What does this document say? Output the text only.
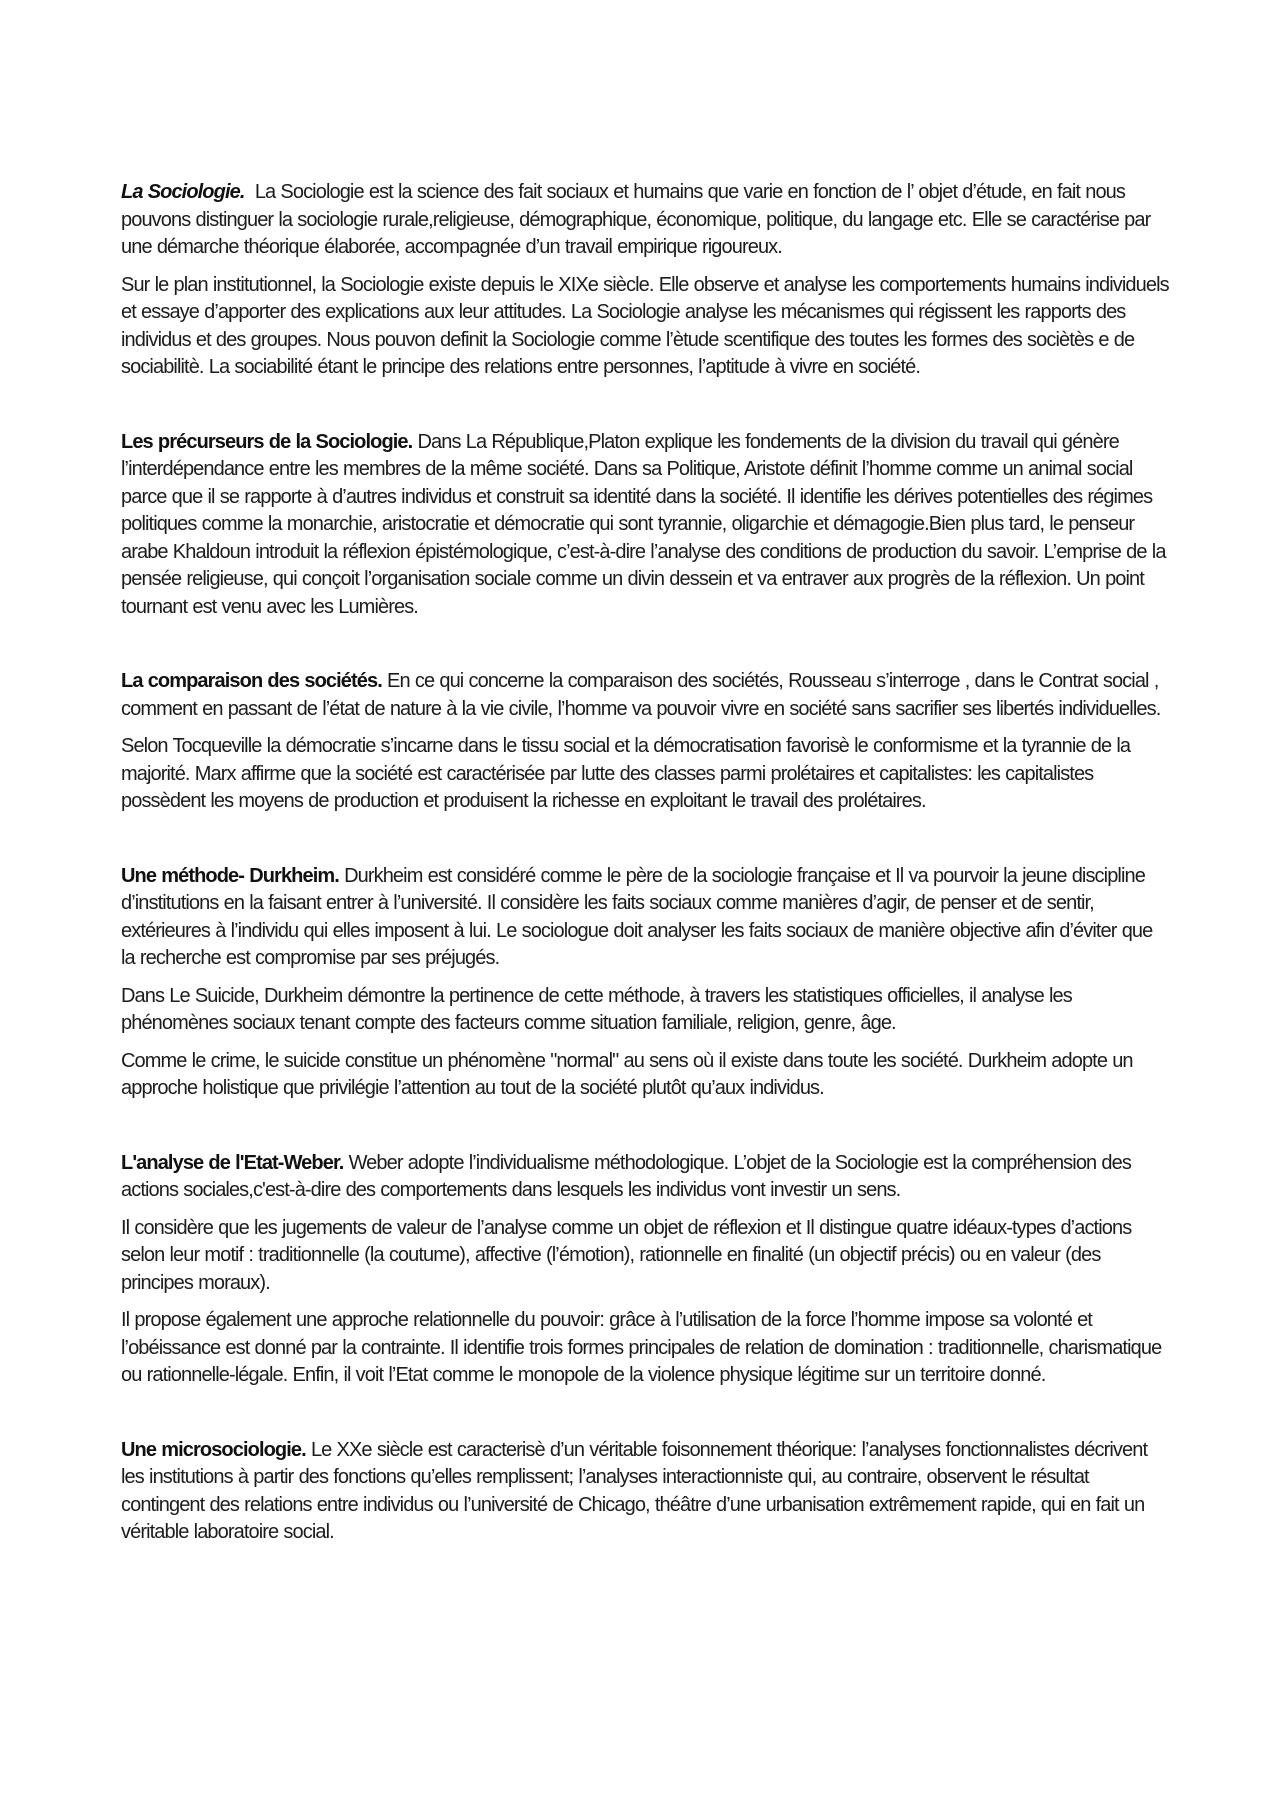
La Sociologie. La Sociologie est la science des fait sociaux et humains que varie en fonction de l’ objet d’étude, en fait nous pouvons distinguer la sociologie rurale,religieuse, démographique, économique, politique, du langage etc. Elle se caractérise par une démarche théorique élaborée, accompagnée d’un travail empirique rigoureux.

Sur le plan institutionnel, la Sociologie existe depuis le XIXe siècle. Elle observe et analyse les comportements humains individuels et essaye d’apporter des explications aux leur attitudes. La Sociologie analyse les mécanismes qui régissent les rapports des individus et des groupes. Nous pouvon definit la Sociologie comme l’ètude scentifique des toutes les formes des sociètès e de sociabilitè. La sociabilité étant le principe des relations entre personnes, l’aptitude à vivre en société.

Les précurseurs de la Sociologie. Dans La République,Platon explique les fondements de la division du travail qui génère l’interdépendance entre les membres de la même société. Dans sa Politique, Aristote définit l’homme comme un animal social parce que il se rapporte à d’autres individus et construit sa identité dans la société. Il identifie les dérives potentielles des régimes politiques comme la monarchie, aristocratie et démocratie qui sont tyrannie, oligarchie et démagogie.Bien plus tard, le penseur arabe Khaldoun introduit la réflexion épistémologique, c’est-à-dire l’analyse des conditions de production du savoir. L’emprise de la pensée religieuse, qui conçoit l’organisation sociale comme un divin dessein et va entraver aux progrès de la réflexion. Un point tournant est venu avec les Lumières.

La comparaison des sociétés. En ce qui concerne la comparaison des sociétés, Rousseau s’interroge , dans le Contrat social , comment en passant de l’état de nature à la vie civile, l’homme va pouvoir vivre en société sans sacrifier ses libertés individuelles.

Selon Tocqueville la démocratie s’incarne dans le tissu social et la démocratisation favorisè le conformisme et la tyrannie de la majorité. Marx affirme que la société est caractérisée par lutte des classes parmi prolétaires et capitalistes: les capitalistes possèdent les moyens de production et produisent la richesse en exploitant le travail des prolétaires.

Une méthode- Durkheim. Durkheim est considéré comme le père de la sociologie française et Il va pourvoir la jeune discipline d’institutions en la faisant entrer à l’université. Il considère les faits sociaux comme manières d’agir, de penser et de sentir, extérieures à l’individu qui elles imposent à lui. Le sociologue doit analyser les faits sociaux de manière objective afin d’éviter que la recherche est compromise par ses préjugés.

Dans Le Suicide, Durkheim démontre la pertinence de cette méthode, à travers les statistiques officielles, il analyse les phénomènes sociaux tenant compte des facteurs comme situation familiale, religion, genre, âge.

Comme le crime, le suicide constitue un phénomène "normal" au sens où il existe dans toute les société. Durkheim adopte un approche holistique que privilégie l’attention au tout de la société plutôt qu’aux individus.

L'analyse de l'Etat-Weber. Weber adopte l’individualisme méthodologique. L’objet de la Sociologie est la compréhension des actions sociales,c'est-à-dire des comportements dans lesquels les individus vont investir un sens.

Il considère que les jugements de valeur de l’analyse comme un objet de réflexion et Il distingue quatre idéaux-types d’actions selon leur motif : traditionnelle (la coutume), affective (l’émotion), rationnelle en finalité (un objectif précis) ou en valeur (des principes moraux).

Il propose également une approche relationnelle du pouvoir: grâce à l’utilisation de la force l’homme impose sa volonté et l’obéissance est donné par la contrainte. Il identifie trois formes principales de relation de domination : traditionnelle, charismatique ou rationnelle-légale. Enfin, il voit l’Etat comme le monopole de la violence physique légitime sur un territoire donné.

Une microsociologie. Le XXe siècle est caracterisè d’un véritable foisonnement théorique: l’analyses fonctionnalistes décrivent les institutions à partir des fonctions qu’elles remplissent; l’analyses interactionniste qui, au contraire, observent le résultat contingent des relations entre individus ou l’université de Chicago, théâtre d’une urbanisation extrêmement rapide, qui en fait un véritable laboratoire social.
